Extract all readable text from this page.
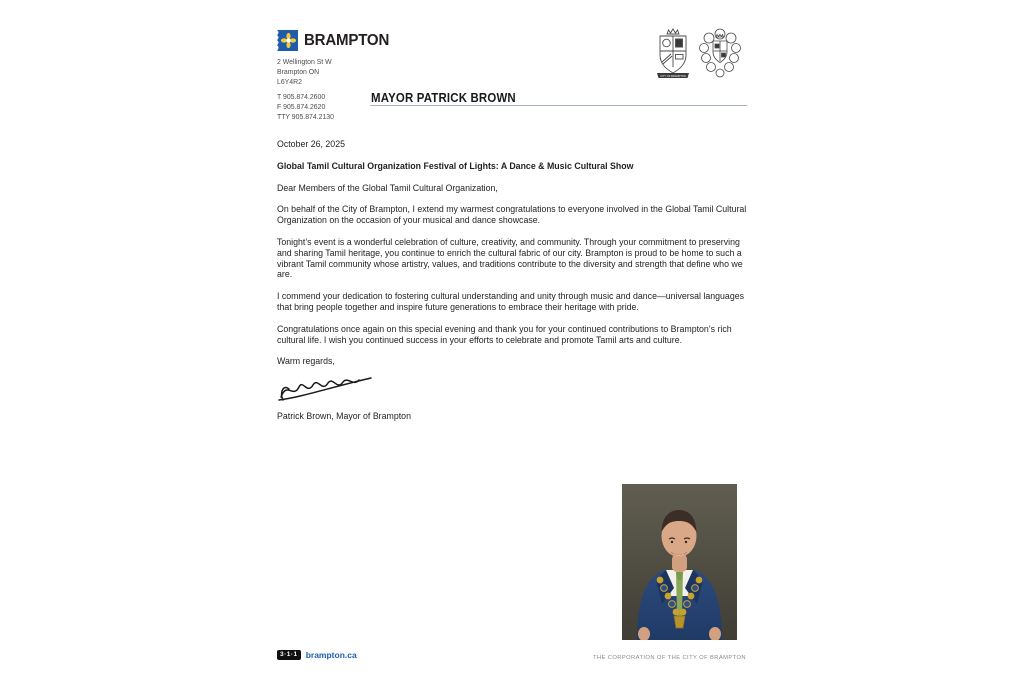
BRAMPTON
2 Wellington St W
Brampton ON
L6Y4R2
T 905.874.2600
F 905.874.2620
TTY 905.874.2130
MAYOR PATRICK BROWN
CITY OF BRAMPTON
October 26, 2025
Global Tamil Cultural Organization Festival of Lights: A Dance & Music Cultural Show
Dear Members of the Global Tamil Cultural Organization,
On behalf of the City of Brampton, I extend my warmest congratulations to everyone involved in the Global Tamil Cultural Organization on the occasion of your musical and dance showcase.
Tonight’s event is a wonderful celebration of culture, creativity, and community. Through your commitment to preserving and sharing Tamil heritage, you continue to enrich the cultural fabric of our city. Brampton is proud to be home to such a vibrant Tamil community whose artistry, values, and traditions contribute to the diversity and strength that define who we are.
I commend your dedication to fostering cultural understanding and unity through music and dance—universal languages that bring people together and inspire future generations to embrace their heritage with pride.
Congratulations once again on this special evening and thank you for your continued contributions to Brampton’s rich cultural life. I wish you continued success in your efforts to celebrate and promote Tamil arts and culture.
Warm regards,
Patrick Brown, Mayor of Brampton
3·1·1 brampton.ca	THE CORPORATION OF THE CITY OF BRAMPTON
